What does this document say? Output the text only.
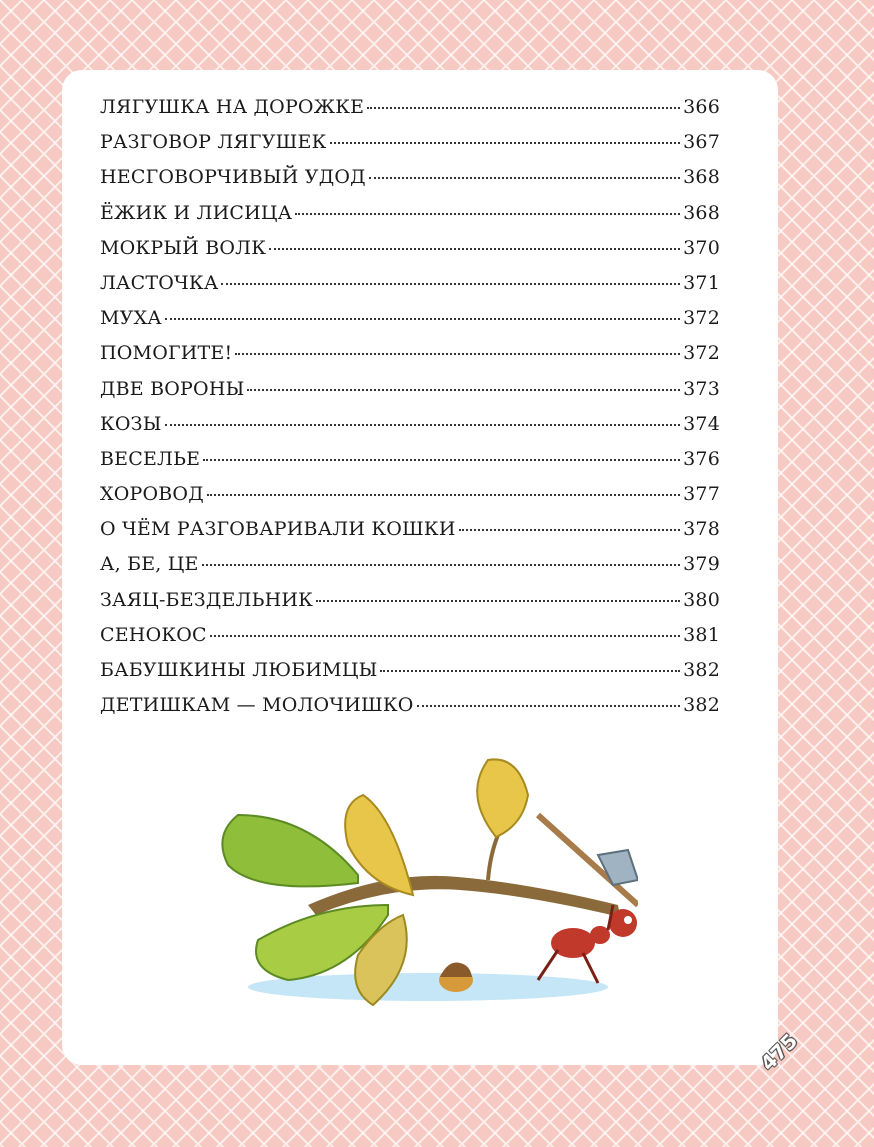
ЛЯГУШКА НА ДОРОЖКЕ	366
РАЗГОВОР ЛЯГУШЕК	367
НЕСГОВОРЧИВЫЙ УДОД	368
ЁЖИК И ЛИСИЦА	368
МОКРЫЙ ВОЛК	370
ЛАСТОЧКА	371
МУХА	372
ПОМОГИТЕ!	372
ДВЕ ВОРОНЫ	373
КОЗЫ	374
ВЕСЕЛЬЕ	376
ХОРОВОД	377
О ЧЁМ РАЗГОВАРИВАЛИ КОШКИ	378
А, БЕ, ЦЕ	379
ЗАЯЦ-БЕЗДЕЛЬНИК	380
СЕНОКОС	381
БАБУШКИНЫ ЛЮБИМЦЫ	382
ДЕТИШКАМ — МОЛОЧИШКО	382
475
